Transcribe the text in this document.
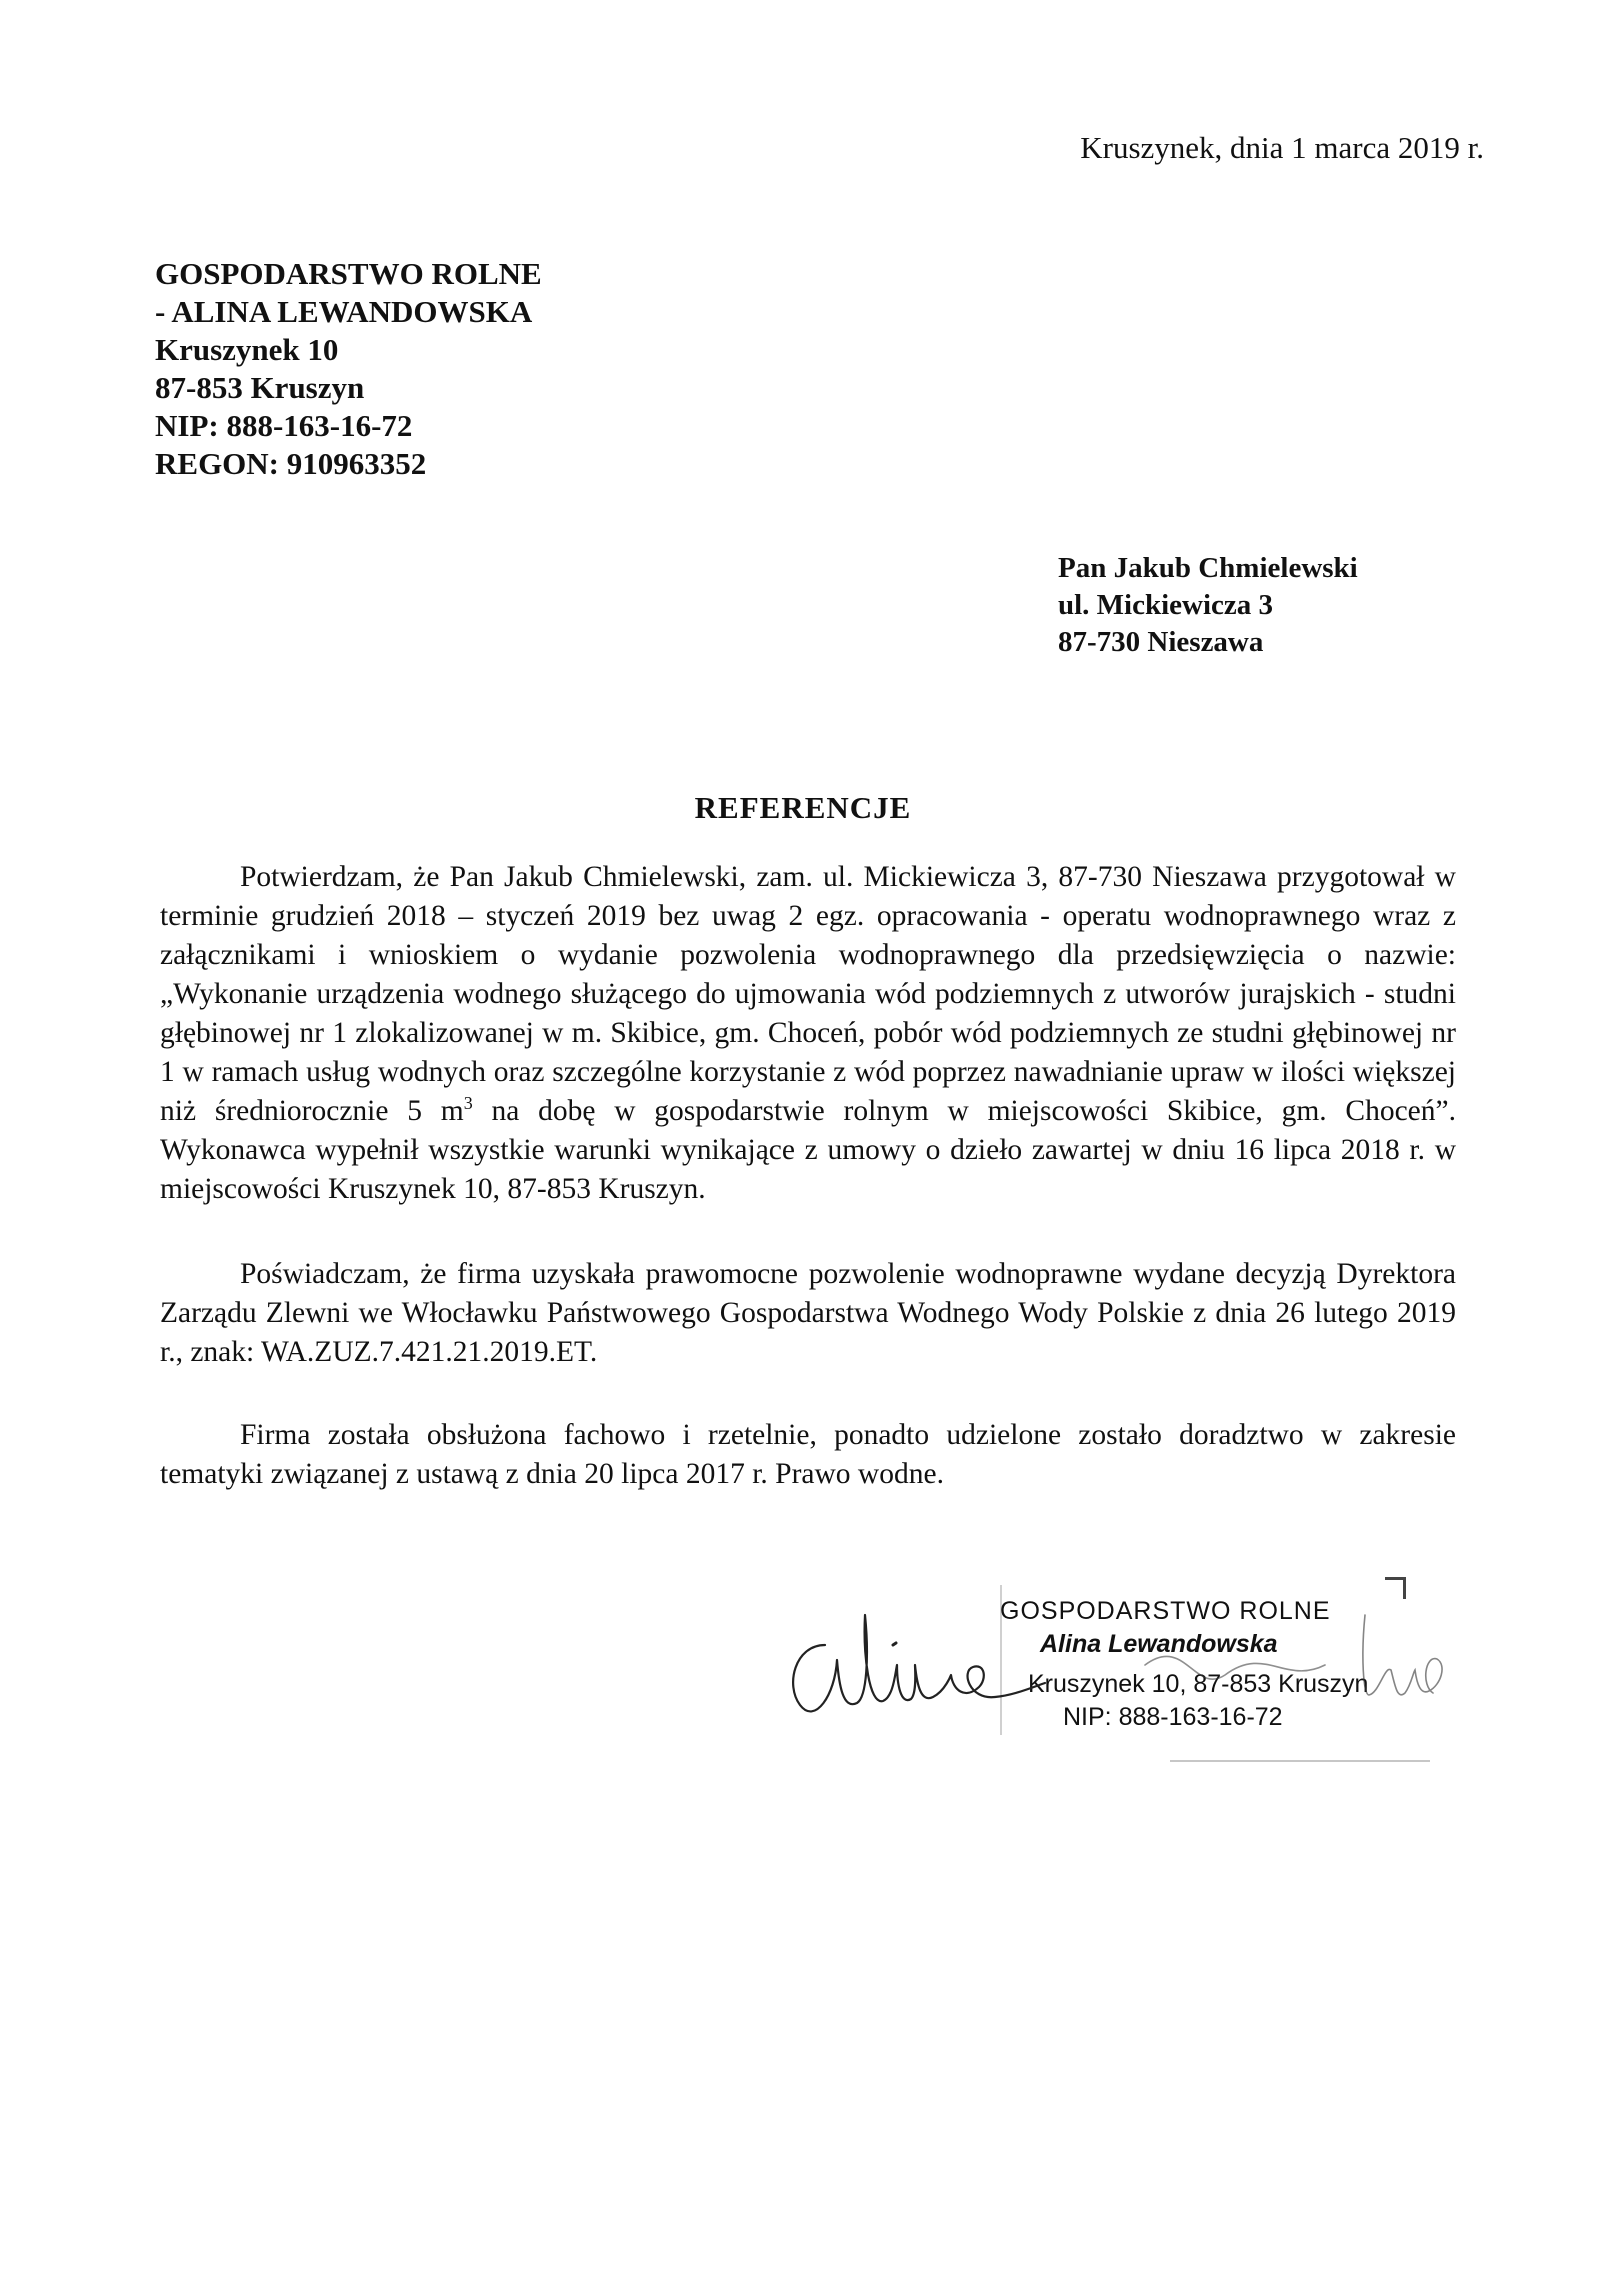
Kruszynek, dnia 1 marca 2019 r.
GOSPODARSTWO ROLNE
- ALINA LEWANDOWSKA
Kruszynek 10
87-853 Kruszyn
NIP: 888-163-16-72
REGON: 910963352
Pan Jakub Chmielewski
ul. Mickiewicza 3
87-730 Nieszawa
REFERENCJE
Potwierdzam, że Pan Jakub Chmielewski, zam. ul. Mickiewicza 3, 87-730 Nieszawa przygotował w terminie grudzień 2018 – styczeń 2019 bez uwag 2 egz. opracowania - operatu wodnoprawnego wraz z załącznikami i wnioskiem o wydanie pozwolenia wodnoprawnego dla przedsięwzięcia o nazwie: „Wykonanie urządzenia wodnego służącego do ujmowania wód podziemnych z utworów jurajskich - studni głębinowej nr 1 zlokalizowanej w m. Skibice, gm. Choceń, pobór wód podziemnych ze studni głębinowej nr 1 w ramach usług wodnych oraz szczególne korzystanie z wód poprzez nawadnianie upraw w ilości większej niż średniorocznie 5 $m^3$ na dobę w gospodarstwie rolnym w miejscowości Skibice, gm. Choceń”. Wykonawca wypełnił wszystkie warunki wynikające z umowy o dzieło zawartej w dniu 16 lipca 2018 r. w miejscowości Kruszynek 10, 87-853 Kruszyn.
Poświadczam, że firma uzyskała prawomocne pozwolenie wodnoprawne wydane decyzją Dyrektora Zarządu Zlewni we Włocławku Państwowego Gospodarstwa Wodnego Wody Polskie z dnia 26 lutego 2019 r., znak: WA.ZUZ.7.421.21.2019.ET.
Firma została obsłużona fachowo i rzetelnie, ponadto udzielone zostało doradztwo w zakresie tematyki związanej z ustawą z dnia 20 lipca 2017 r. Prawo wodne.
GOSPODARSTWO ROLNE
Alina Lewandowska
Kruszynek 10, 87-853 Kruszyn
NIP: 888-163-16-72
